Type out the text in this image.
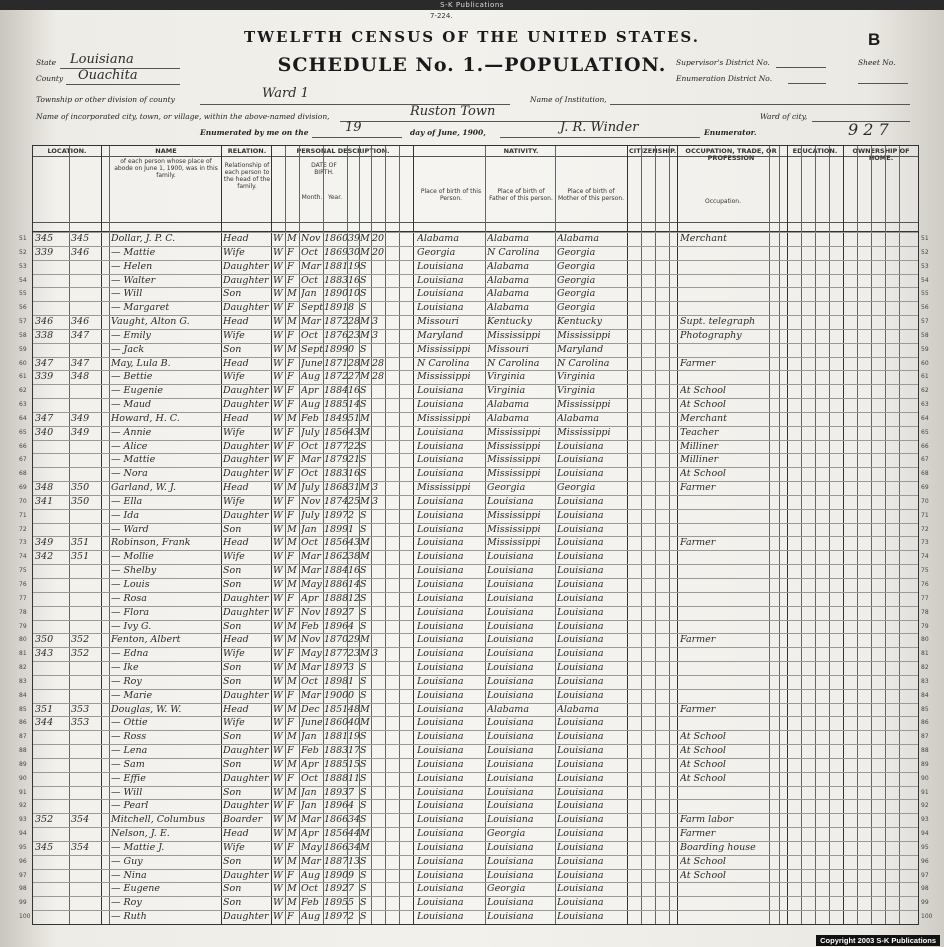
S-K Publications
7-224.
TWELFTH CENSUS OF THE UNITED STATES.
SCHEDULE No. 1.—POPULATION.
B
State Louisiana
County Ouachita
Township or other division of county	Ward 1
Name of incorporated city, town, or village, within the above-named division,	Ruston Town
Enumerated by me on the	19	day of June, 1900,	J. R. Winder	Enumerator.	9 2 7
Name of Institution,
Ward of city,
Supervisor's District No.
Enumeration District No.
Sheet No.
LOCATION.	NAME
of each person whose place of abode on June 1, 1900, was in this family.
RELATION.
Relationship of each person to the head of the family.
PERSONAL DESCRIPTION.
DATE OF BIRTH.
Month. Year.
NATIVITY.
Place of birth of this Person.
Place of birth of Father of this person.
Place of birth of Mother of this person.
CITIZENSHIP.	OCCUPATION, TRADE, OR PROFESSION
Occupation.
EDUCATION.	OWNERSHIP OF HOME.
51	51
345	345	Dollar, J. P. C.	Head	W M Nov 1860 39 M 20	Alabama	Alabama	Alabama	Merchant
52	52
339	346	— Mattie	Wife	W F Oct 1869 30 M 20	Georgia	N Carolina	Georgia
53	53
— Helen	Daughter W F Mar 1881 19 S	Louisiana	Alabama	Georgia
54	54
— Walter	Daughter W F Oct 1883 16 S	Louisiana	Alabama	Georgia
55	55
— Will	Son	W M Jan 1890 10 S	Louisiana	Alabama	Georgia
56	56
— Margaret	Daughter W F Sept 1891 8 S	Louisiana	Alabama	Georgia
57	57
346	346	Vaught, Alton G.	Head	W M Mar 1872 28 M 3	Missouri	Kentucky	Kentucky	Supt. telegraph
58	58
338	347	— Emily	Wife	W F Oct 1876 23 M 3	Maryland	Mississippi	Mississippi	Photography
59	59
— Jack	Son	W M Sept 1899 0 S	Mississippi	Missouri	Maryland
60	60
347	347	May, Lula B.	Head	W F June 1871 28 M 28	N Carolina	N Carolina	N Carolina	Farmer
61	61
339	348	— Bettie	Wife	W F Aug 1872 27 M 28	Mississippi	Virginia	Virginia
62	62
— Eugenie	Daughter W F Apr 1884 16 S	Louisiana	Virginia	Virginia	At School
63	63
— Maud	Daughter W F Aug 1885 14 S	Louisiana	Alabama	Mississippi	At School
64	64
347	349	Howard, H. C.	Head	W M Feb 1849 51 M	Mississippi	Alabama	Alabama	Merchant
65	65
340	349	— Annie	Wife	W F July 1856 43 M	Louisiana	Mississippi	Mississippi	Teacher
66	66
— Alice	Daughter W F Oct 1877 22 S	Louisiana	Mississippi	Louisiana	Milliner
67	67
— Mattie	Daughter W F Mar 1879 21 S	Louisiana	Mississippi	Louisiana	Milliner
68	68
— Nora	Daughter W F Oct 1883 16 S	Louisiana	Mississippi	Louisiana	At School
69	69
348	350	Garland, W. J.	Head	W M July 1868 31 M 3	Mississippi	Georgia	Georgia	Farmer
70	70
341	350	— Ella	Wife	W F Nov 1874 25 M 3	Louisiana	Louisiana	Louisiana
71	71
— Ida	Daughter W F July 1897 2 S	Louisiana	Mississippi	Louisiana
72	72
— Ward	Son	W M Jan 1899 1 S	Louisiana	Mississippi	Louisiana
73	73
349	351	Robinson, Frank	Head	W M Oct 1856 43 M	Louisiana	Mississippi	Louisiana	Farmer
74	74
342	351	— Mollie	Wife	W F Mar 1862 38 M	Louisiana	Louisiana	Louisiana
75	75
— Shelby	Son	W M Mar 1884 16 S	Louisiana	Louisiana	Louisiana
76	76
— Louis	Son	W M May 1886 14 S	Louisiana	Louisiana	Louisiana
77	77
— Rosa	Daughter W F Apr 1888 12 S	Louisiana	Louisiana	Louisiana
78	78
— Flora	Daughter W F Nov 1892 7 S	Louisiana	Louisiana	Louisiana
79	79
— Ivy G.	Son	W M Feb 1896 4 S	Louisiana	Louisiana	Louisiana
80	80
350	352	Fenton, Albert	Head	W M Nov 1870 29 M	Louisiana	Louisiana	Louisiana	Farmer
81	81
343	352	— Edna	Wife	W F May 1877 23 M 3	Louisiana	Louisiana	Louisiana
82	82
— Ike	Son	W M Mar 1897 3 S	Louisiana	Louisiana	Louisiana
83	83
— Roy	Son	W M Oct 1898 1 S	Louisiana	Louisiana	Louisiana
84	84
— Marie	Daughter W F Mar 1900 0 S	Louisiana	Louisiana	Louisiana
85	85
351	353	Douglas, W. W.	Head	W M Dec 1851 48 M	Louisiana	Alabama	Alabama	Farmer
86	86
344	353	— Ottie	Wife	W F June 1860 40 M	Louisiana	Louisiana	Louisiana
87	87
— Ross	Son	W M Jan 1881 19 S	Louisiana	Louisiana	Louisiana	At School
88	88
— Lena	Daughter W F Feb 1883 17 S	Louisiana	Louisiana	Louisiana	At School
89	89
— Sam	Son	W M Apr 1885 15 S	Louisiana	Louisiana	Louisiana	At School
90	90
— Effie	Daughter W F Oct 1888 11 S	Louisiana	Louisiana	Louisiana	At School
91	91
— Will	Son	W M Jan 1893 7 S	Louisiana	Louisiana	Louisiana
92	92
— Pearl	Daughter W F Jan 1896 4 S	Louisiana	Louisiana	Louisiana
93	93
352	354	Mitchell, Columbus	Boarder	W M Mar 1866 34 S	Louisiana	Louisiana	Louisiana	Farm labor
94	94
Nelson, J. E.	Head	W M Apr 1856 44 M	Louisiana	Georgia	Louisiana	Farmer
95	95
345	354	— Mattie J.	Wife	W F May 1866 34 M	Louisiana	Louisiana	Louisiana	Boarding house
96	96
— Guy	Son	W M Mar 1887 13 S	Louisiana	Louisiana	Louisiana	At School
97	97
— Nina	Daughter W F Aug 1890 9 S	Louisiana	Louisiana	Louisiana	At School
98	98
— Eugene	Son	W M Oct 1892 7 S	Louisiana	Georgia	Louisiana
99	99
— Roy	Son	W M Feb 1895 5 S	Louisiana	Louisiana	Louisiana
100	100
— Ruth	Daughter W F Aug 1897 2 S	Louisiana	Louisiana	Louisiana
Copyright 2003 S-K Publications
